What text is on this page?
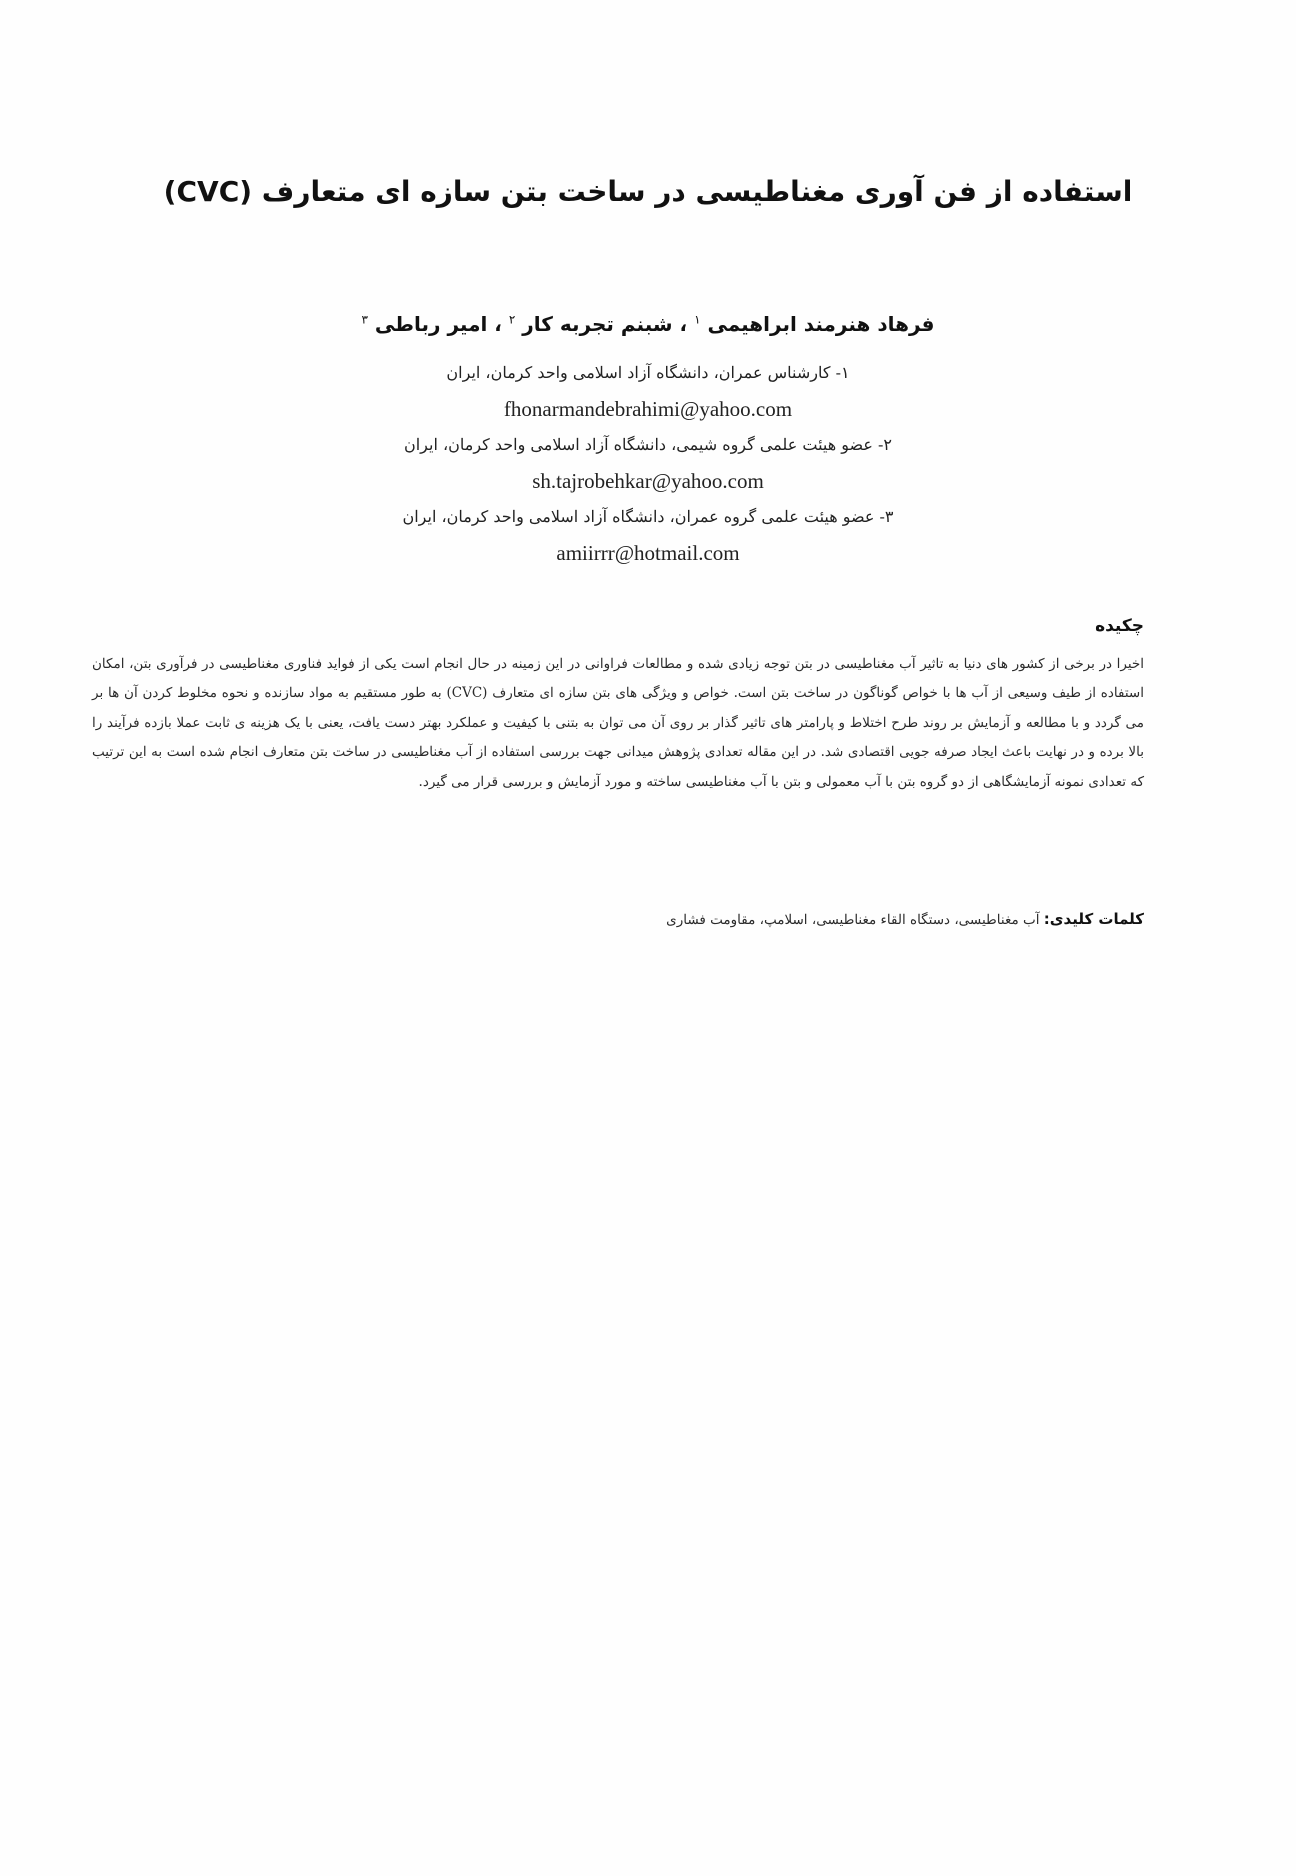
استفاده از فن آوری مغناطیسی در ساخت بتن سازه ای متعارف (CVC)
فرهاد هنرمند ابراهیمی $^۱$ ، شبنم تجربه کار $^۲$ ، امیر رباطی $^۳$
۱- کارشناس عمران، دانشگاه آزاد اسلامی واحد کرمان، ایران
fhonarmandebrahimi@yahoo.com
۲- عضو هیئت علمی گروه شیمی، دانشگاه آزاد اسلامی واحد کرمان، ایران
sh.tajrobehkar@yahoo.com
۳- عضو هیئت علمی گروه عمران، دانشگاه آزاد اسلامی واحد کرمان، ایران
amiirrr@hotmail.com
چکیده
اخیرا در برخی از کشور های دنیا به تاثیر آب مغناطیسی در بتن توجه زیادی شده و مطالعات فراوانی در این زمینه در حال انجام است یکی از فواید فناوری مغناطیسی در فرآوری بتن، امکان استفاده از طیف وسیعی از آب ها با خواص گوناگون در ساخت بتن است. خواص و ویژگی های بتن سازه ای متعارف (CVC) به طور مستقیم به مواد سازنده و نحوه مخلوط کردن آن ها بر می گردد و با مطالعه و آزمایش بر روند طرح اختلاط و پارامتر های تاثیر گذار بر روی آن می توان به بتنی با کیفیت و عملکرد بهتر دست یافت، یعنی با یک هزینه ی ثابت عملا بازده فرآیند را بالا برده و در نهایت باعث ایجاد صرفه جویی اقتصادی شد. در این مقاله تعدادی پژوهش میدانی جهت بررسی استفاده از آب مغناطیسی در ساخت بتن متعارف انجام شده است به این ترتیب که تعدادی نمونه آزمایشگاهی از دو گروه بتن با آب معمولی و بتن با آب مغناطیسی ساخته و مورد آزمایش و بررسی قرار می گیرد.
کلمات کلیدی: آب مغناطیسی، دستگاه القاء مغناطیسی، اسلامپ، مقاومت فشاری
